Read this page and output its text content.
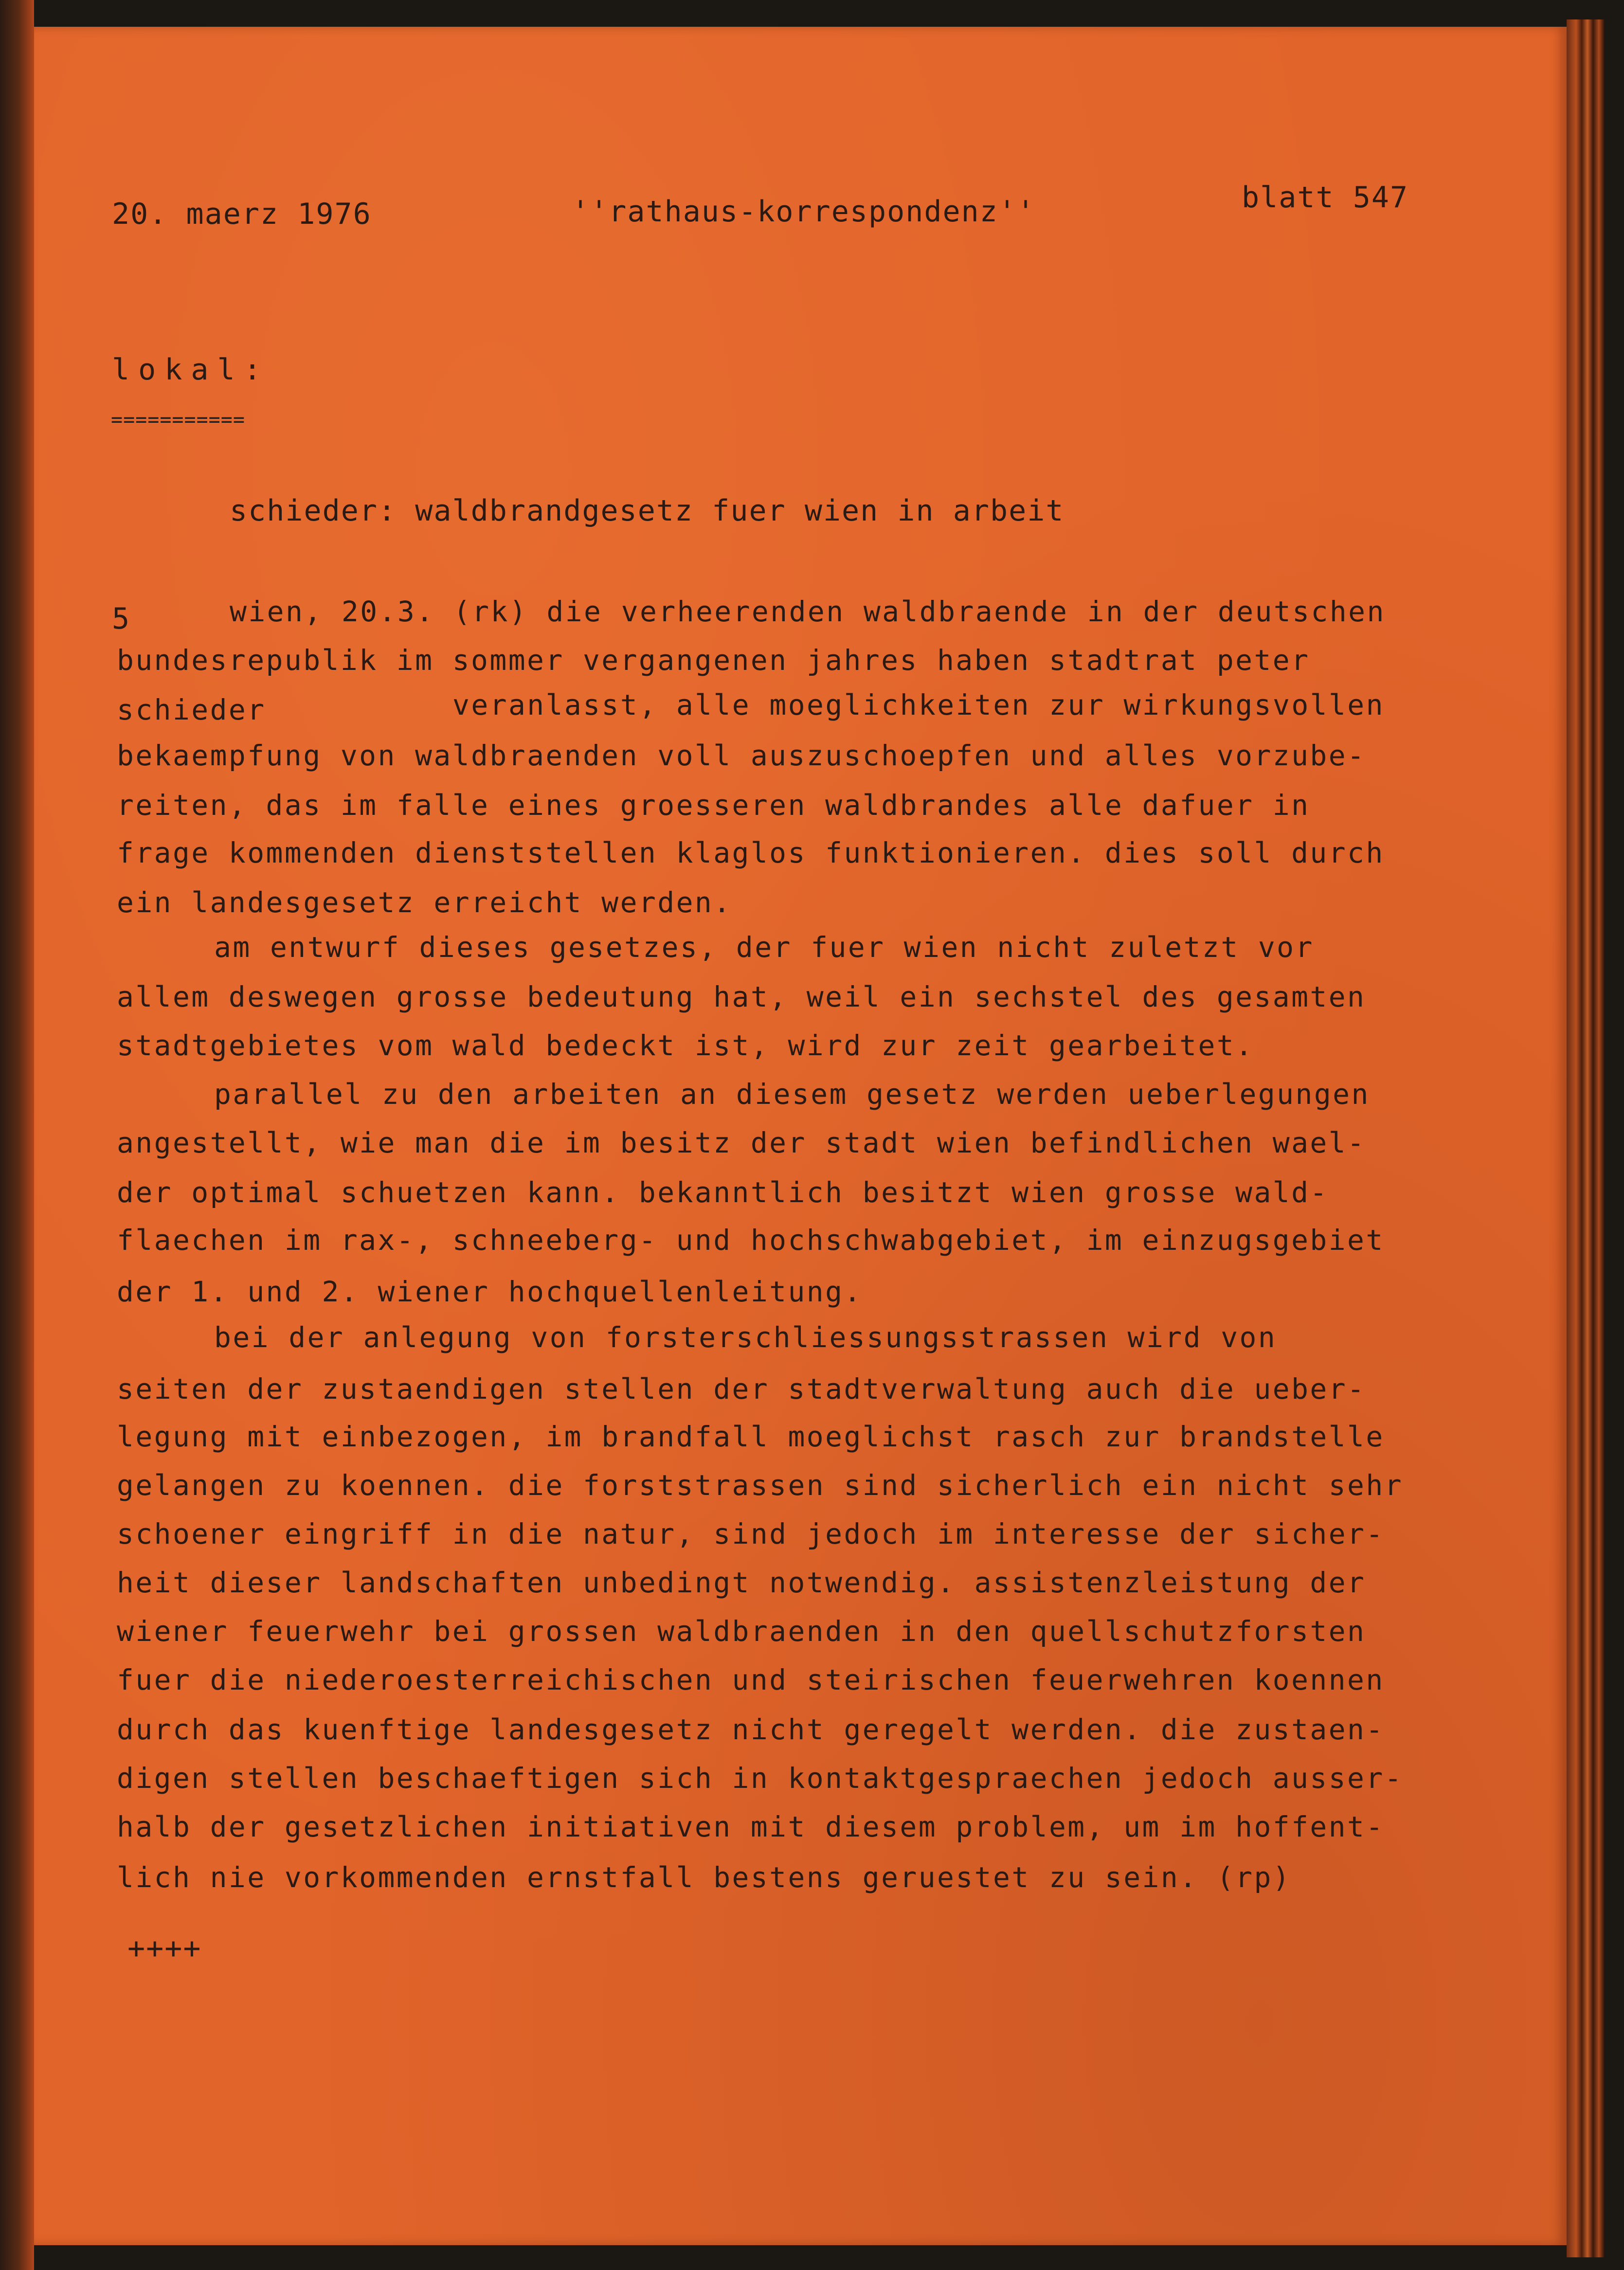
20. maerz 1976	''rathaus-korrespondenz''	blatt 547
lokal:
===========
schieder: waldbrandgesetz fuer wien in arbeit
5	wien, 20.3. (rk) die verheerenden waldbraende in der deutschen
bundesrepublik im sommer vergangenen jahres haben stadtrat peter
schieder	veranlasst, alle moeglichkeiten zur wirkungsvollen
bekaempfung von waldbraenden voll auszuschoepfen und alles vorzube-
reiten, das im falle eines groesseren waldbrandes alle dafuer in
frage kommenden dienststellen klaglos funktionieren. dies soll durch
ein landesgesetz erreicht werden.
am entwurf dieses gesetzes, der fuer wien nicht zuletzt vor
allem deswegen grosse bedeutung hat, weil ein sechstel des gesamten
stadtgebietes vom wald bedeckt ist, wird zur zeit gearbeitet.
parallel zu den arbeiten an diesem gesetz werden ueberlegungen
angestellt, wie man die im besitz der stadt wien befindlichen wael-
der optimal schuetzen kann. bekanntlich besitzt wien grosse wald-
flaechen im rax-, schneeberg- und hochschwabgebiet, im einzugsgebiet
der 1. und 2. wiener hochquellenleitung.
bei der anlegung von forsterschliessungsstrassen wird von
seiten der zustaendigen stellen der stadtverwaltung auch die ueber-
legung mit einbezogen, im brandfall moeglichst rasch zur brandstelle
gelangen zu koennen. die forststrassen sind sicherlich ein nicht sehr
schoener eingriff in die natur, sind jedoch im interesse der sicher-
heit dieser landschaften unbedingt notwendig. assistenzleistung der
wiener feuerwehr bei grossen waldbraenden in den quellschutzforsten
fuer die niederoesterreichischen und steirischen feuerwehren koennen
durch das kuenftige landesgesetz nicht geregelt werden. die zustaen-
digen stellen beschaeftigen sich in kontaktgespraechen jedoch ausser-
halb der gesetzlichen initiativen mit diesem problem, um im hoffent-
lich nie vorkommenden ernstfall bestens geruestet zu sein. (rp)
++++
